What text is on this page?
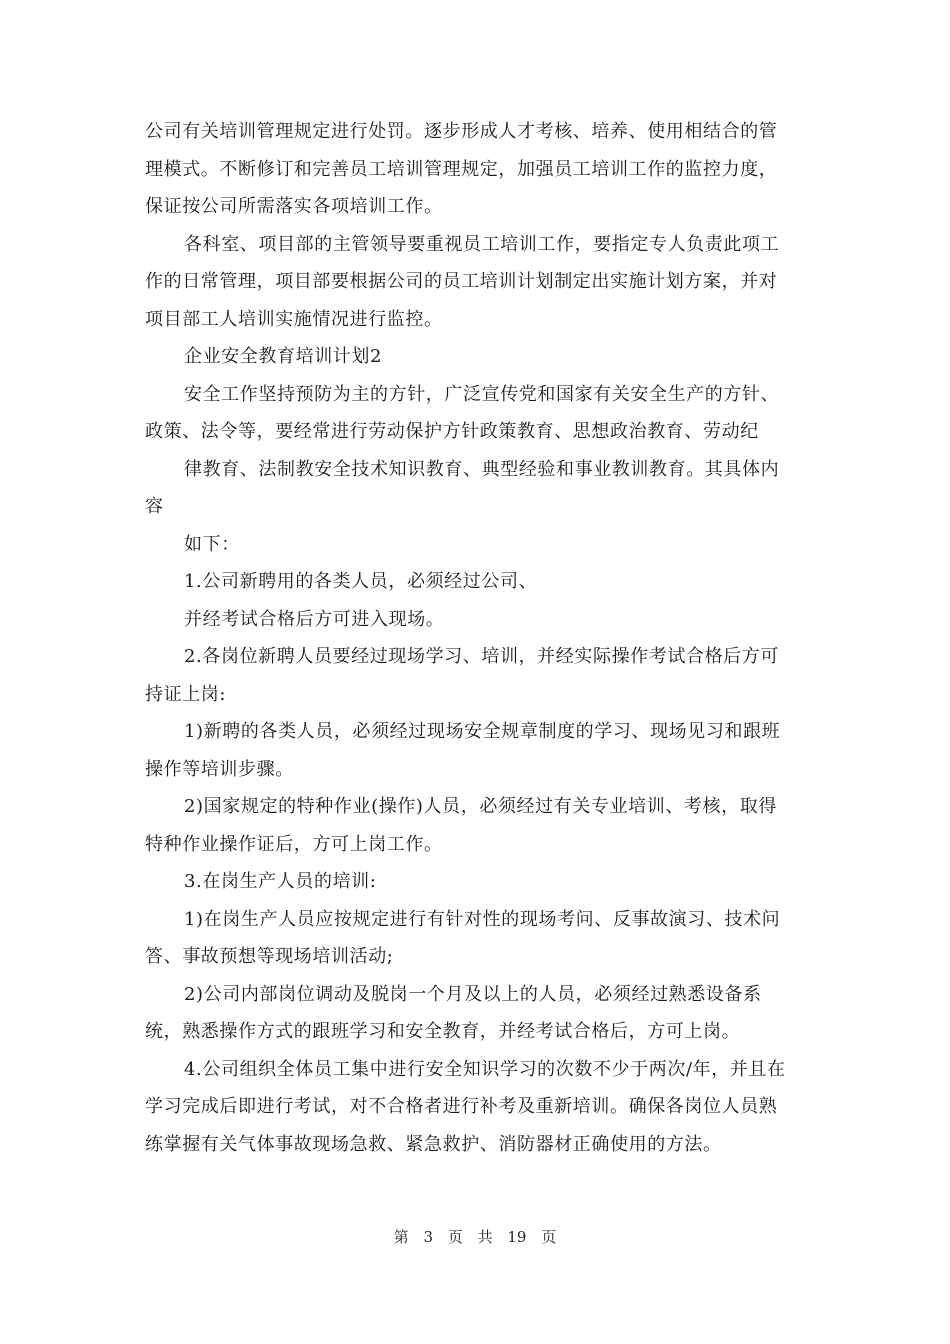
公司有关培训管理规定进行处罚。逐步形成人才考核、培养、使用相结合的管

理模式。不断修订和完善员工培训管理规定，加强员工培训工作的监控力度，

保证按公司所需落实各项培训工作。

各科室、项目部的主管领导要重视员工培训工作，要指定专人负责此项工

作的日常管理，项目部要根据公司的员工培训计划制定出实施计划方案，并对

项目部工人培训实施情况进行监控。

企业安全教育培训计划2

安全工作坚持预防为主的方针，广泛宣传党和国家有关安全生产的方针、

政策、法令等，要经常进行劳动保护方针政策教育、思想政治教育、劳动纪

律教育、法制教安全技术知识教育、典型经验和事业教训教育。其具体内

容

如下：

1.公司新聘用的各类人员，必须经过公司、

并经考试合格后方可进入现场。

2.各岗位新聘人员要经过现场学习、培训，并经实际操作考试合格后方可

持证上岗:

1)新聘的各类人员，必须经过现场安全规章制度的学习、现场见习和跟班

操作等培训步骤。

2)国家规定的特种作业(操作)人员，必须经过有关专业培训、考核，取得

特种作业操作证后，方可上岗工作。

3.在岗生产人员的培训:

1)在岗生产人员应按规定进行有针对性的现场考问、反事故演习、技术问

答、事故预想等现场培训活动;

2)公司内部岗位调动及脱岗一个月及以上的人员，必须经过熟悉设备系

统，熟悉操作方式的跟班学习和安全教育，并经考试合格后，方可上岗。

4.公司组织全体员工集中进行安全知识学习的次数不少于两次/年，并且在

学习完成后即进行考试，对不合格者进行补考及重新培训。确保各岗位人员熟

练掌握有关气体事故现场急救、紧急救护、消防器材正确使用的方法。

第 3 页 共 19 页
